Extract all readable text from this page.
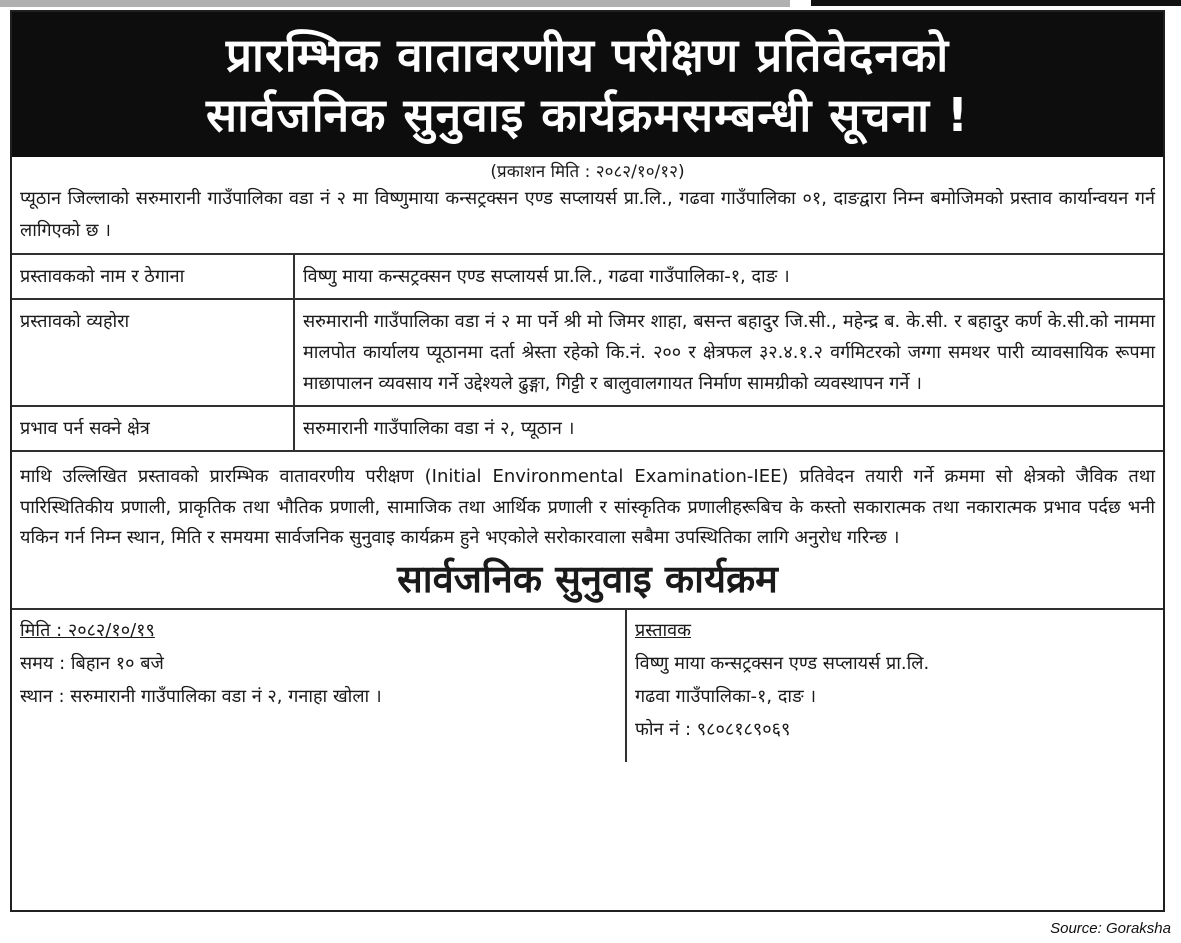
प्रारम्भिक वातावरणीय परीक्षण प्रतिवेदनको
सार्वजनिक सुनुवाइ कार्यक्रमसम्बन्धी सूचना !
(प्रकाशन मिति : २०८२/१०/१२)
प्यूठान जिल्लाको सरुमारानी गाउँपालिका वडा नं २ मा विष्णुमाया कन्सट्रक्सन एण्ड सप्लायर्स प्रा.लि., गढवा गाउँपालिका ०१, दाङद्वारा निम्न बमोजिमको प्रस्ताव कार्यान्वयन गर्न लागिएको छ ।
प्रस्तावकको नाम र ठेगाना	विष्णु माया कन्सट्रक्सन एण्ड सप्लायर्स प्रा.लि., गढवा गाउँपालिका-१, दाङ ।
प्रस्तावको व्यहोरा	सरुमारानी गाउँपालिका वडा नं २ मा पर्ने श्री मो जिमर शाहा, बसन्त बहादुर जि.सी., महेन्द्र ब. के.सी. र बहादुर कर्ण के.सी.को नाममा मालपोत कार्यालय प्यूठानमा दर्ता श्रेस्ता रहेको कि.नं. २०० र क्षेत्रफल ३२.४.१.२ वर्गमिटरको जग्गा समथर पारी व्यावसायिक रूपमा माछापालन व्यवसाय गर्ने उद्देश्यले ढुङ्गा, गिट्टी र बालुवालगायत निर्माण सामग्रीको व्यवस्थापन गर्ने ।
प्रभाव पर्न सक्ने क्षेत्र	सरुमारानी गाउँपालिका वडा नं २, प्यूठान ।
माथि उल्लिखित प्रस्तावको प्रारम्भिक वातावरणीय परीक्षण (Initial Environmental Examination-IEE) प्रतिवेदन तयारी गर्ने क्रममा सो क्षेत्रको जैविक तथा पारिस्थितिकीय प्रणाली, प्राकृतिक तथा भौतिक प्रणाली, सामाजिक तथा आर्थिक प्रणाली र सांस्कृतिक प्रणालीहरूबिच के कस्तो सकारात्मक तथा नकारात्मक प्रभाव पर्दछ भनी यकिन गर्न निम्न स्थान, मिति र समयमा सार्वजनिक सुनुवाइ कार्यक्रम हुने भएकोले सरोकारवाला सबैमा उपस्थितिका लागि अनुरोध गरिन्छ ।
सार्वजनिक सुनुवाइ कार्यक्रम
मिति : २०८२/१०/१९
समय : बिहान १० बजे
स्थान : सरुमारानी गाउँपालिका वडा नं २, गनाहा खोला ।
प्रस्तावक
विष्णु माया कन्सट्रक्सन एण्ड सप्लायर्स प्रा.लि.
गढवा गाउँपालिका-१, दाङ ।
फोन नं : ९८०८१८९०६९
Source: Goraksha
